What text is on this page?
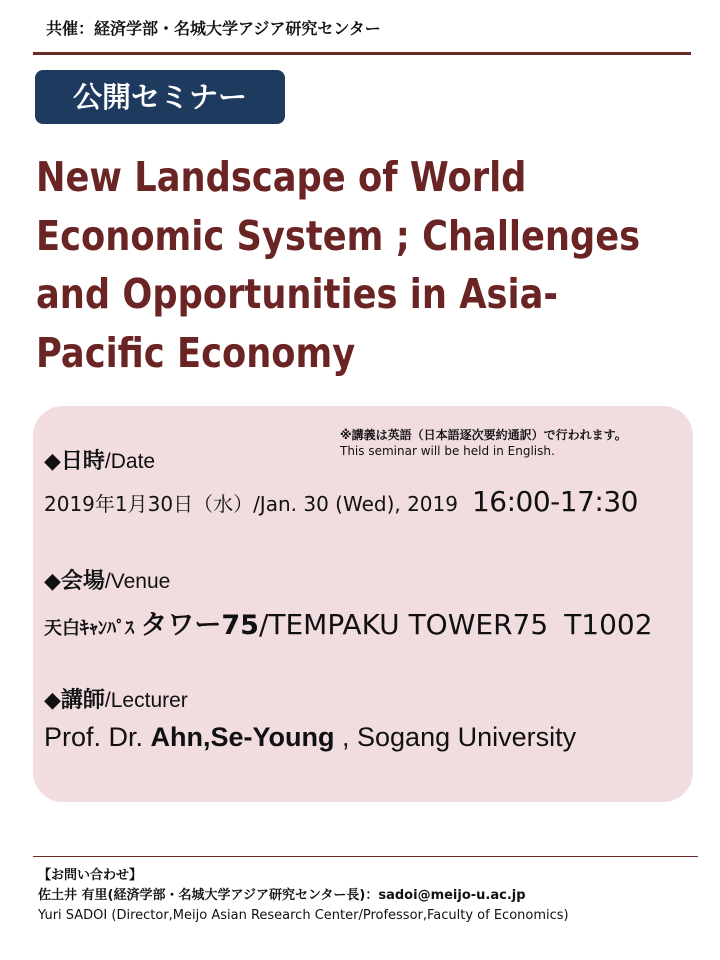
共催：経済学部・名城大学アジア研究センター
公開セミナー
New Landscape of World
Economic System ; Challenges
and Opportunities in Asia-
Pacific Economy
※講義は英語（日本語逐次要約通訳）で行われます。
This seminar will be held in English.
◆日時/Date
2019年1月30日（水）/Jan. 30 (Wed), 2019 16:00-17:30
◆会場/Venue
天白ｷｬﾝﾊﾟｽ タワー75/TEMPAKU TOWER75 T1002
◆講師/Lecturer
Prof. Dr. Ahn,Se-Young , Sogang University
【お問い合わせ】
佐土井 有里(経済学部・名城大学アジア研究センター長)：sadoi@meijo-u.ac.jp
Yuri SADOI (Director,Meijo Asian Research Center/Professor,Faculty of Economics)
